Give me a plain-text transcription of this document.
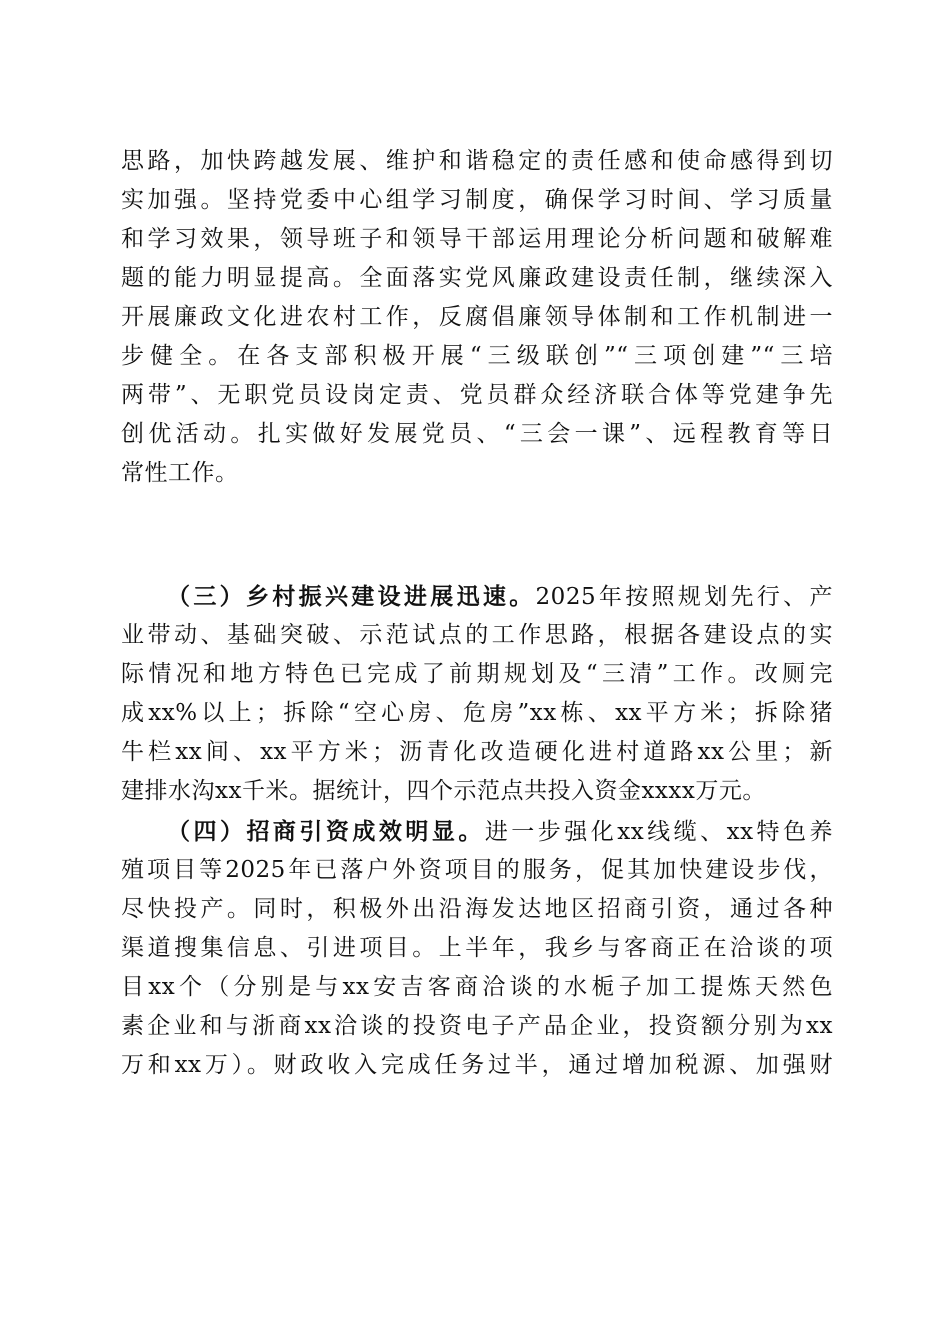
思路，加快跨越发展、维护和谐稳定的责任感和使命感得到切
实加强。坚持党委中心组学习制度，确保学习时间、学习质量
和学习效果，领导班子和领导干部运用理论分析问题和破解难
题的能力明显提高。全面落实党风廉政建设责任制，继续深入
开展廉政文化进农村工作，反腐倡廉领导体制和工作机制进一
步健全。在各支部积极开展“三级联创”“三项创建”“三培
两带”、无职党员设岗定责、党员群众经济联合体等党建争先
创优活动。扎实做好发展党员、“三会一课”、远程教育等日
常性工作。
（三）乡村振兴建设进展迅速。2025年按照规划先行、产
业带动、基础突破、示范试点的工作思路，根据各建设点的实
际情况和地方特色已完成了前期规划及“三清”工作。改厕完
成xx%以上；拆除“空心房、危房”xx栋、xx平方米；拆除猪
牛栏xx间、xx平方米；沥青化改造硬化进村道路xx公里；新
建排水沟xx千米。据统计，四个示范点共投入资金xxxx万元。
（四）招商引资成效明显。进一步强化xx线缆、xx特色养
殖项目等2025年已落户外资项目的服务，促其加快建设步伐，
尽快投产。同时，积极外出沿海发达地区招商引资，通过各种
渠道搜集信息、引进项目。上半年，我乡与客商正在洽谈的项
目xx个（分别是与xx安吉客商洽谈的水栀子加工提炼天然色
素企业和与浙商xx洽谈的投资电子产品企业，投资额分别为xx
万和xx万）。财政收入完成任务过半，通过增加税源、加强财
